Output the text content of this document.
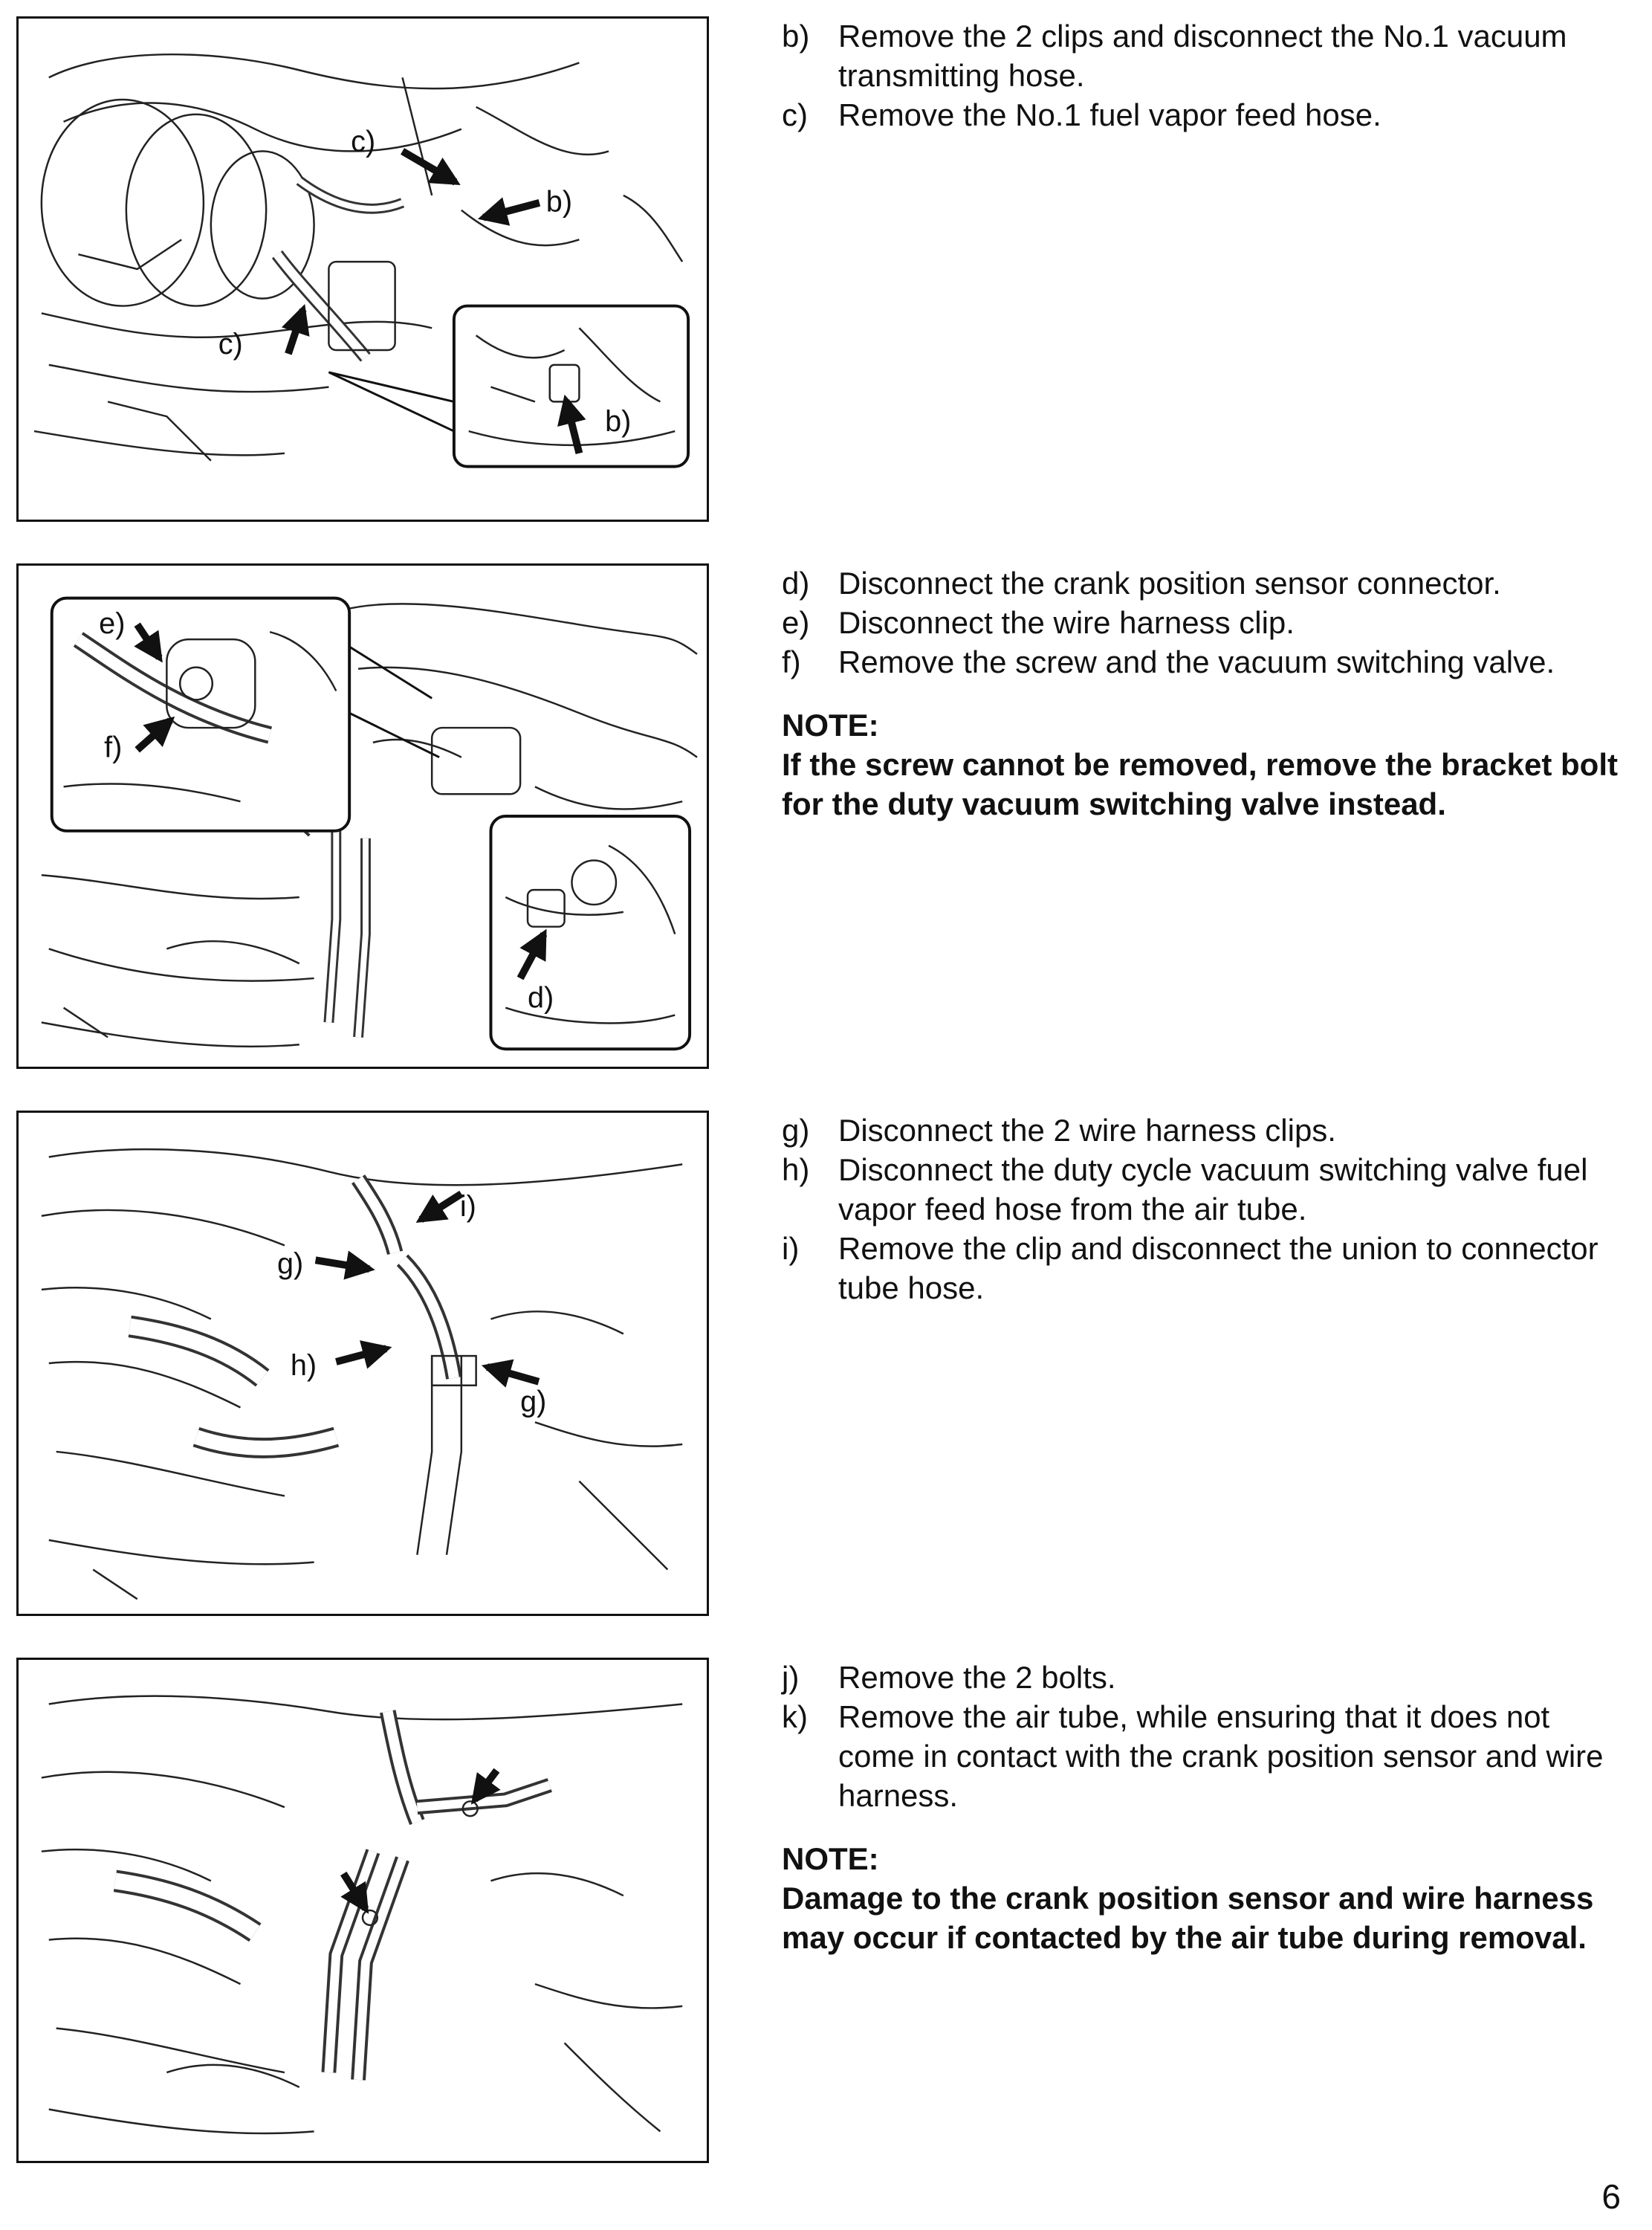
c)
b)
c)
b)
b) Remove the 2 clips and disconnect the No.1 vacuum transmitting hose.
c) Remove the No.1 fuel vapor feed hose.
e)
f)
d)
d) Disconnect the crank position sensor connector.
e) Disconnect the wire harness clip.
f)	Remove the screw and the vacuum switching valve.
NOTE:
If the screw cannot be removed, remove the bracket bolt for the duty vacuum switching valve instead.
i)
g)
h)
g)
g) Disconnect the 2 wire harness clips.
h) Disconnect the duty cycle vacuum switching valve fuel vapor feed hose from the air tube.
i)	Remove the clip and disconnect the union to connector tube hose.
j)	Remove the 2 bolts.
k) Remove the air tube, while ensuring that it does not come in contact with the crank position sensor and wire harness.
NOTE:
Damage to the crank position sensor and wire harness may occur if contacted by the air tube during removal.
6
